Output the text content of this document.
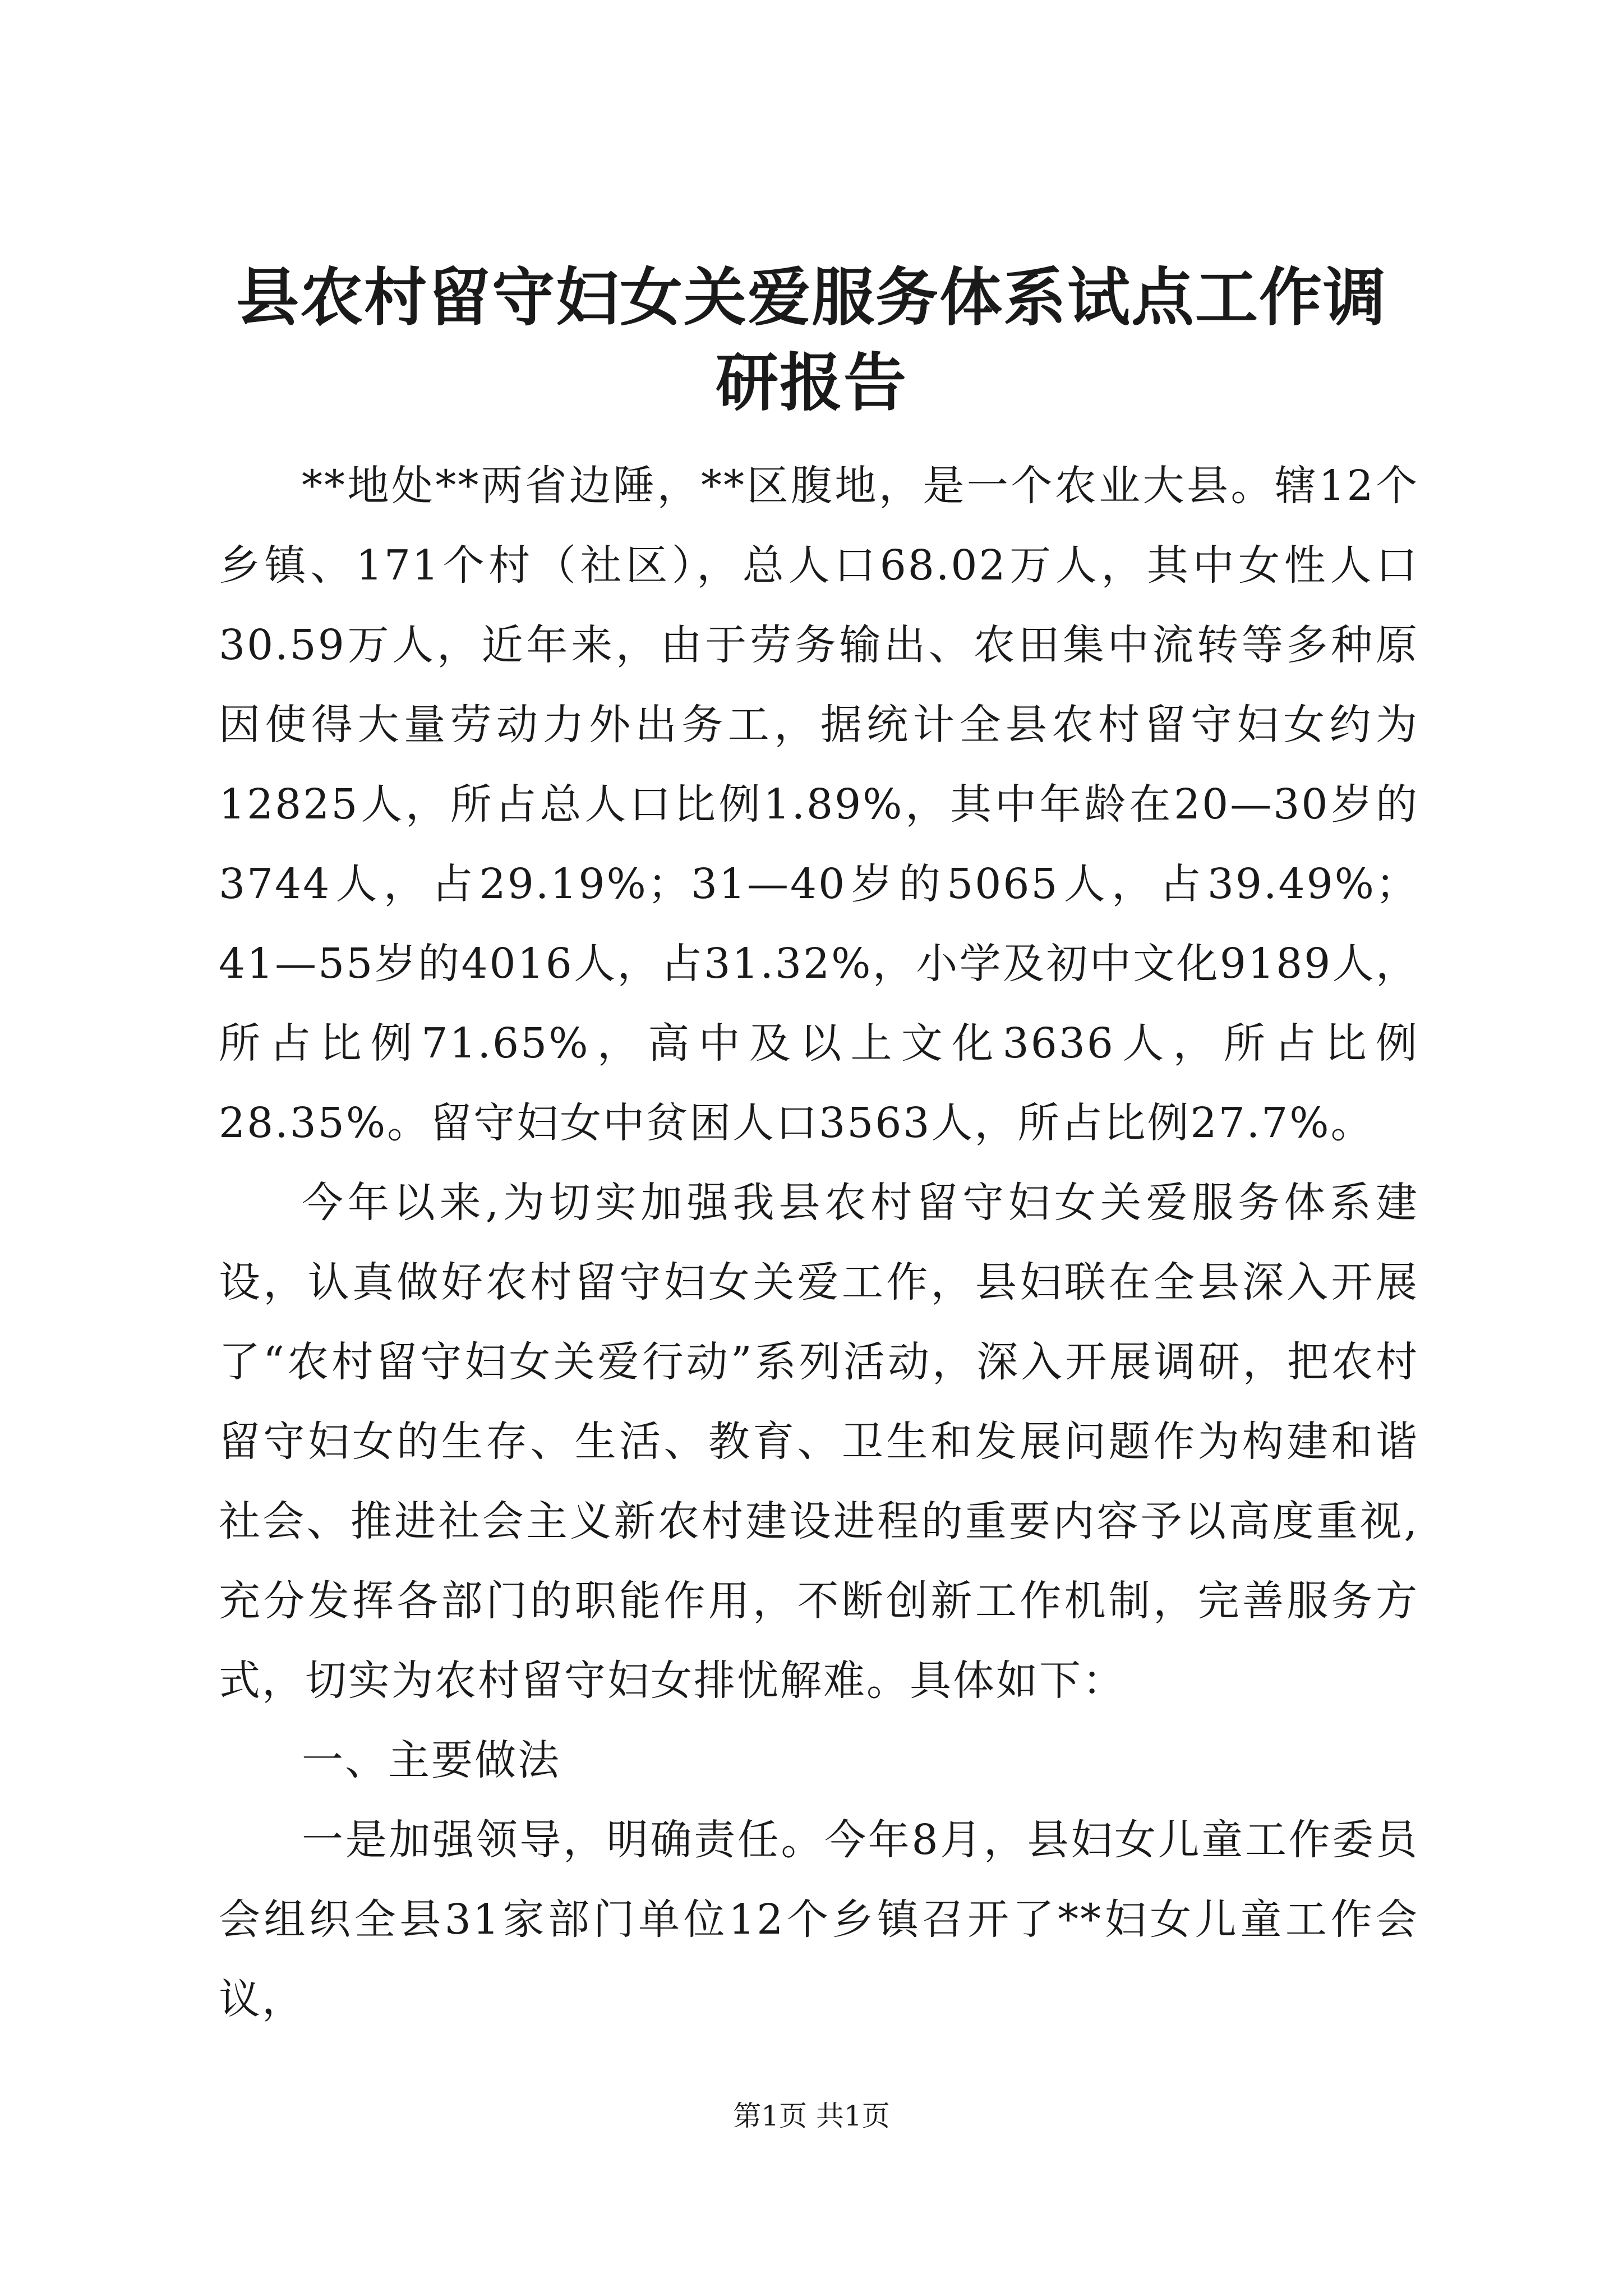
县农村留守妇女关爱服务体系试点工作调研报告

**地处**两省边陲，**区腹地，是一个农业大县。辖12个乡镇、171个村（社区），总人口68.02万人，其中女性人口30.59万人，近年来，由于劳务输出、农田集中流转等多种原因使得大量劳动力外出务工，据统计全县农村留守妇女约为12825人，所占总人口比例1.89%，其中年龄在20—30岁的3744人，占29.19%；31—40岁的5065人，占39.49%；41—55岁的4016人，占31.32%，小学及初中文化9189人，所占比例71.65%，高中及以上文化3636人，所占比例28.35%。留守妇女中贫困人口3563人，所占比例27.7%。

今年以来,为切实加强我县农村留守妇女关爱服务体系建设，认真做好农村留守妇女关爱工作，县妇联在全县深入开展了“农村留守妇女关爱行动”系列活动，深入开展调研，把农村留守妇女的生存、生活、教育、卫生和发展问题作为构建和谐社会、推进社会主义新农村建设进程的重要内容予以高度重视,充分发挥各部门的职能作用，不断创新工作机制，完善服务方式，切实为农村留守妇女排忧解难。具体如下：

一、主要做法

一是加强领导，明确责任。今年8月，县妇女儿童工作委员会组织全县31家部门单位12个乡镇召开了**妇女儿童工作会议，

第1页 共1页
